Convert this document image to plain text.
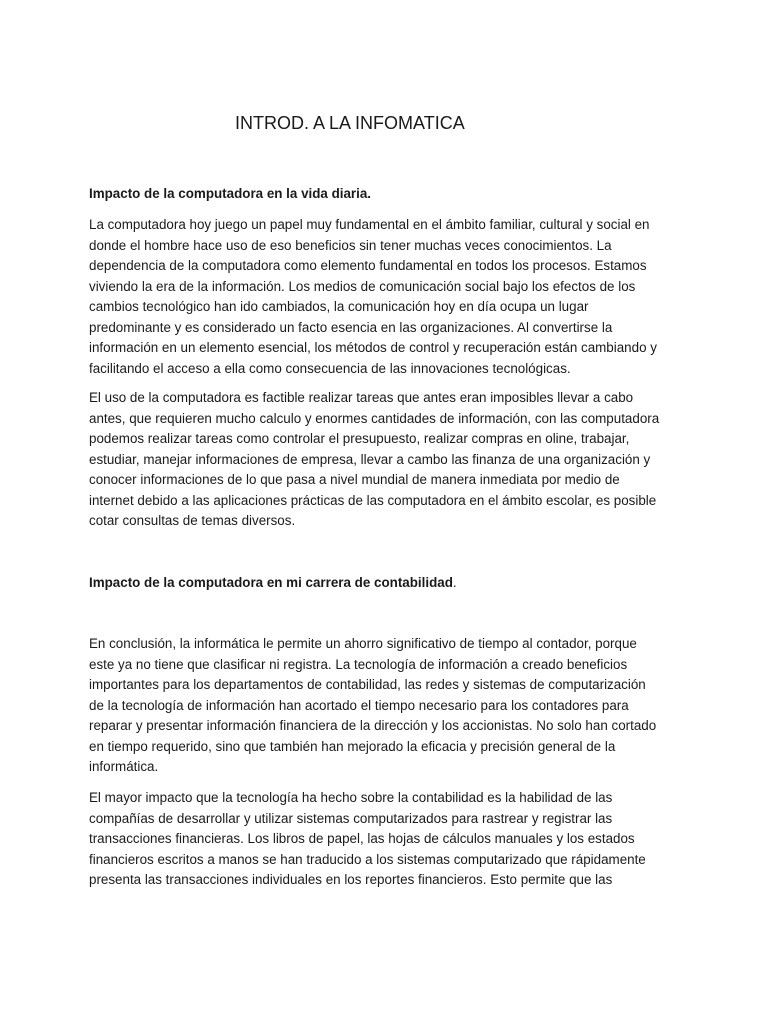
INTROD. A LA INFOMATICA
Impacto de la computadora en la vida diaria.
La computadora hoy juego un papel muy fundamental en el ámbito familiar, cultural y social en
donde el hombre hace uso de eso beneficios sin tener muchas veces conocimientos. La
dependencia de la computadora como elemento fundamental en todos los procesos. Estamos
viviendo la era de la información. Los medios de comunicación social bajo los efectos de los
cambios tecnológico han ido cambiados, la comunicación hoy en día ocupa un lugar
predominante y es considerado un facto esencia en las organizaciones. Al convertirse la
información en un elemento esencial, los métodos de control y recuperación están cambiando y
facilitando el acceso a ella como consecuencia de las innovaciones tecnológicas.
El uso de la computadora es factible realizar tareas que antes eran imposibles llevar a cabo
antes, que requieren mucho calculo y enormes cantidades de información, con las computadora
podemos realizar tareas como controlar el presupuesto, realizar compras en oline, trabajar,
estudiar, manejar informaciones de empresa, llevar a cambo las finanza de una organización y
conocer informaciones de lo que pasa a nivel mundial de manera inmediata por medio de
internet debido a las aplicaciones prácticas de las computadora en el ámbito escolar, es posible
cotar consultas de temas diversos.
Impacto de la computadora en mi carrera de contabilidad.
En conclusión, la informática le permite un ahorro significativo de tiempo al contador, porque
este ya no tiene que clasificar ni registra. La tecnología de información a creado beneficios
importantes para los departamentos de contabilidad, las redes y sistemas de computarización
de la tecnología de información han acortado el tiempo necesario para los contadores para
reparar y presentar información financiera de la dirección y los accionistas. No solo han cortado
en tiempo requerido, sino que también han mejorado la eficacia y precisión general de la
informática.
El mayor impacto que la tecnología ha hecho sobre la contabilidad es la habilidad de las
compañías de desarrollar y utilizar sistemas computarizados para rastrear y registrar las
transacciones financieras. Los libros de papel, las hojas de cálculos manuales y los estados
financieros escritos a manos se han traducido a los sistemas computarizado que rápidamente
presenta las transacciones individuales en los reportes financieros. Esto permite que las
